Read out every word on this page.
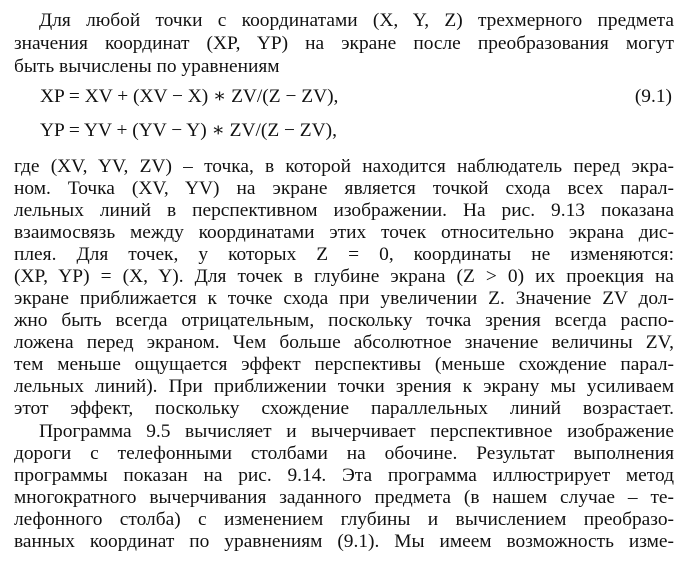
Для любой точки с координатами (X, Y, Z) трехмерного предмета
значения координат (XP, YP) на экране после преобразования могут
быть вычислены по уравнениям
XP = XV + (XV − X) ∗ ZV/(Z − ZV),	(9.1)
YP = YV + (YV − Y) ∗ ZV/(Z − ZV),
где (XV, YV, ZV) – точка, в которой находится наблюдатель перед экра-
ном. Точка (XV, YV) на экране является точкой схода всех парал-
лельных линий в перспективном изображении. На рис. 9.13 показана
взаимосвязь между координатами этих точек относительно экрана дис-
плея. Для точек, у которых Z = 0, координаты не изменяются:
(XP, YP) = (X, Y). Для точек в глубине экрана (Z > 0) их проекция на
экране приближается к точке схода при увеличении Z. Значение ZV дол-
жно быть всегда отрицательным, поскольку точка зрения всегда распо-
ложена перед экраном. Чем больше абсолютное значение величины ZV,
тем меньше ощущается эффект перспективы (меньше схождение парал-
лельных линий). При приближении точки зрения к экрану мы усиливаем
этот эффект, поскольку схождение параллельных линий возрастает.
Программа 9.5 вычисляет и вычерчивает перспективное изображение
дороги с телефонными столбами на обочине. Результат выполнения
программы показан на рис. 9.14. Эта программа иллюстрирует метод
многократного вычерчивания заданного предмета (в нашем случае – те-
лефонного столба) с изменением глубины и вычислением преобразо-
ванных координат по уравнениям (9.1). Мы имеем возможность изме-
